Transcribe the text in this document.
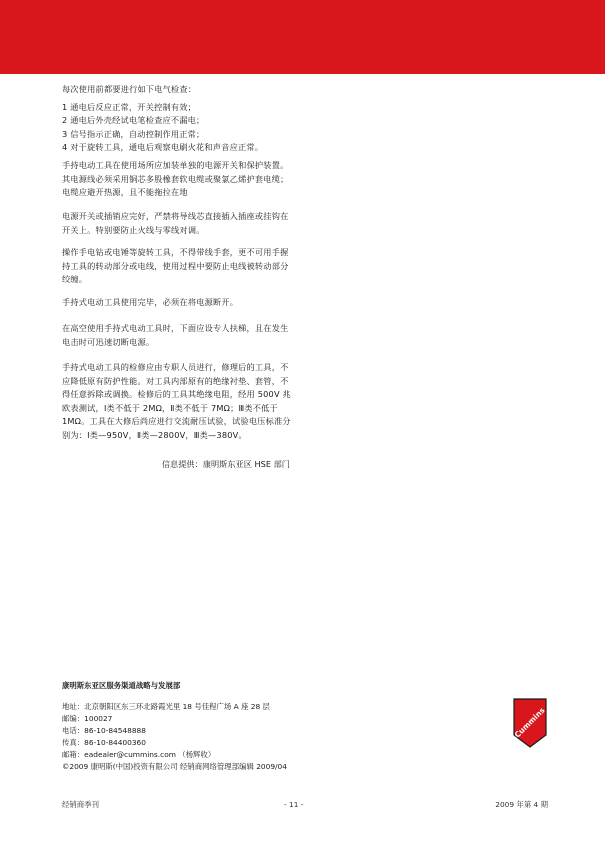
每次使用前都要进行如下电气检查：

1 通电后反应正常，开关控制有效；

2 通电后外壳经试电笔检查应不漏电；

3 信号指示正确，自动控制作用正常；

4 对于旋转工具，通电后观察电刷火花和声音应正常。

手持电动工具在使用场所应加装单独的电源开关和保护装置。其电源线必须采用铜芯多股橡套软电缆或聚氯乙烯护套电缆；电缆应避开热源，且不能拖拉在地
电源开关或插销应完好，严禁将导线芯直接插入插座或挂钩在开关上。特别要防止火线与零线对调。
操作手电钻或电锤等旋转工具，不得带线手套，更不可用手握持工具的转动部分或电线，使用过程中要防止电线被转动部分绞缠。
手持式电动工具使用完毕，必须在将电源断开。
在高空使用手持式电动工具时，下面应设专人扶梯，且在发生电击时可迅速切断电源。
手持式电动工具的检修应由专职人员进行，修理后的工具，不应降低原有防护性能。对工具内部原有的绝缘衬垫、套管，不得任意拆除或调换。检修后的工具其绝缘电阻，经用 500V 兆欧表测试，Ⅰ类不低于 2MΩ，Ⅱ类不低于 7MΩ；Ⅲ类不低于 1MΩ。工具在大修后尚应进行交流耐压试验，试验电压标准分别为：Ⅰ类—950V，Ⅱ类—2800V，Ⅲ类—380V。
信息提供：康明斯东亚区 HSE 部门
康明斯东亚区服务渠道战略与发展部
地址：北京朝阳区东三环北路霞光里 18 号佳程广场 A 座 28 层
邮编：100027
电话：86-10-84548888
传真：86-10-84400360
邮箱：eadealer@cummins.com （杨辉收）
©2009 康明斯(中国)投资有限公司 经销商网络管理部编辑 2009/04
Cummins
经销商季刊	- 11 -	2009 年第 4 期
